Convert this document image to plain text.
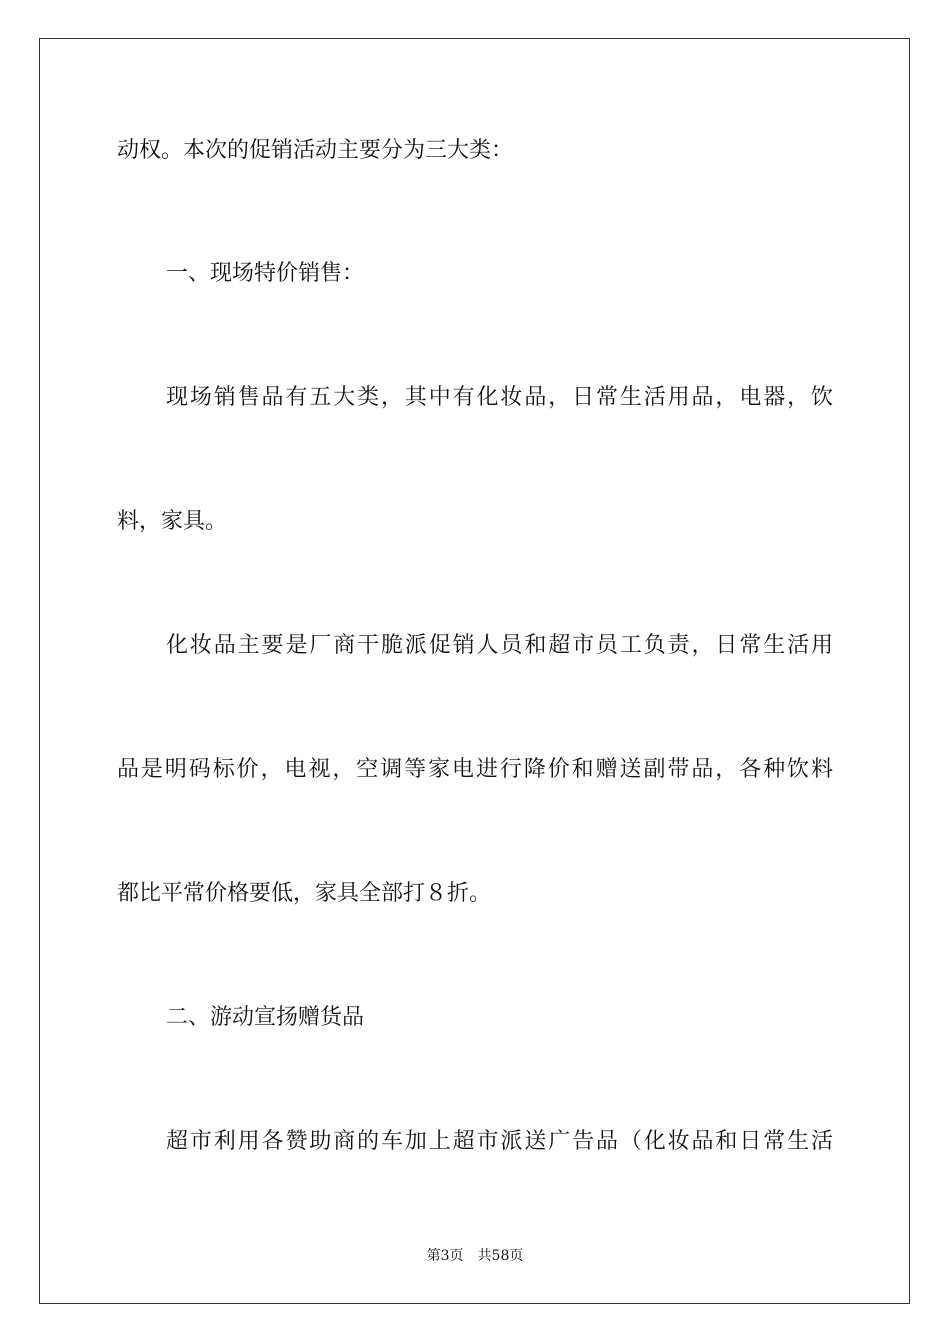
动权。本次的促销活动主要分为三大类：
一、现场特价销售：
现场销售品有五大类，其中有化妆品，日常生活用品，电器，饮
料，家具。
化妆品主要是厂商干脆派促销人员和超市员工负责，日常生活用
品是明码标价，电视，空调等家电进行降价和赠送副带品，各种饮料
都比平常价格要低，家具全部打８折。
二、游动宣扬赠货品
超市利用各赞助商的车加上超市派送广告品（化妆品和日常生活
第3页 共58页
